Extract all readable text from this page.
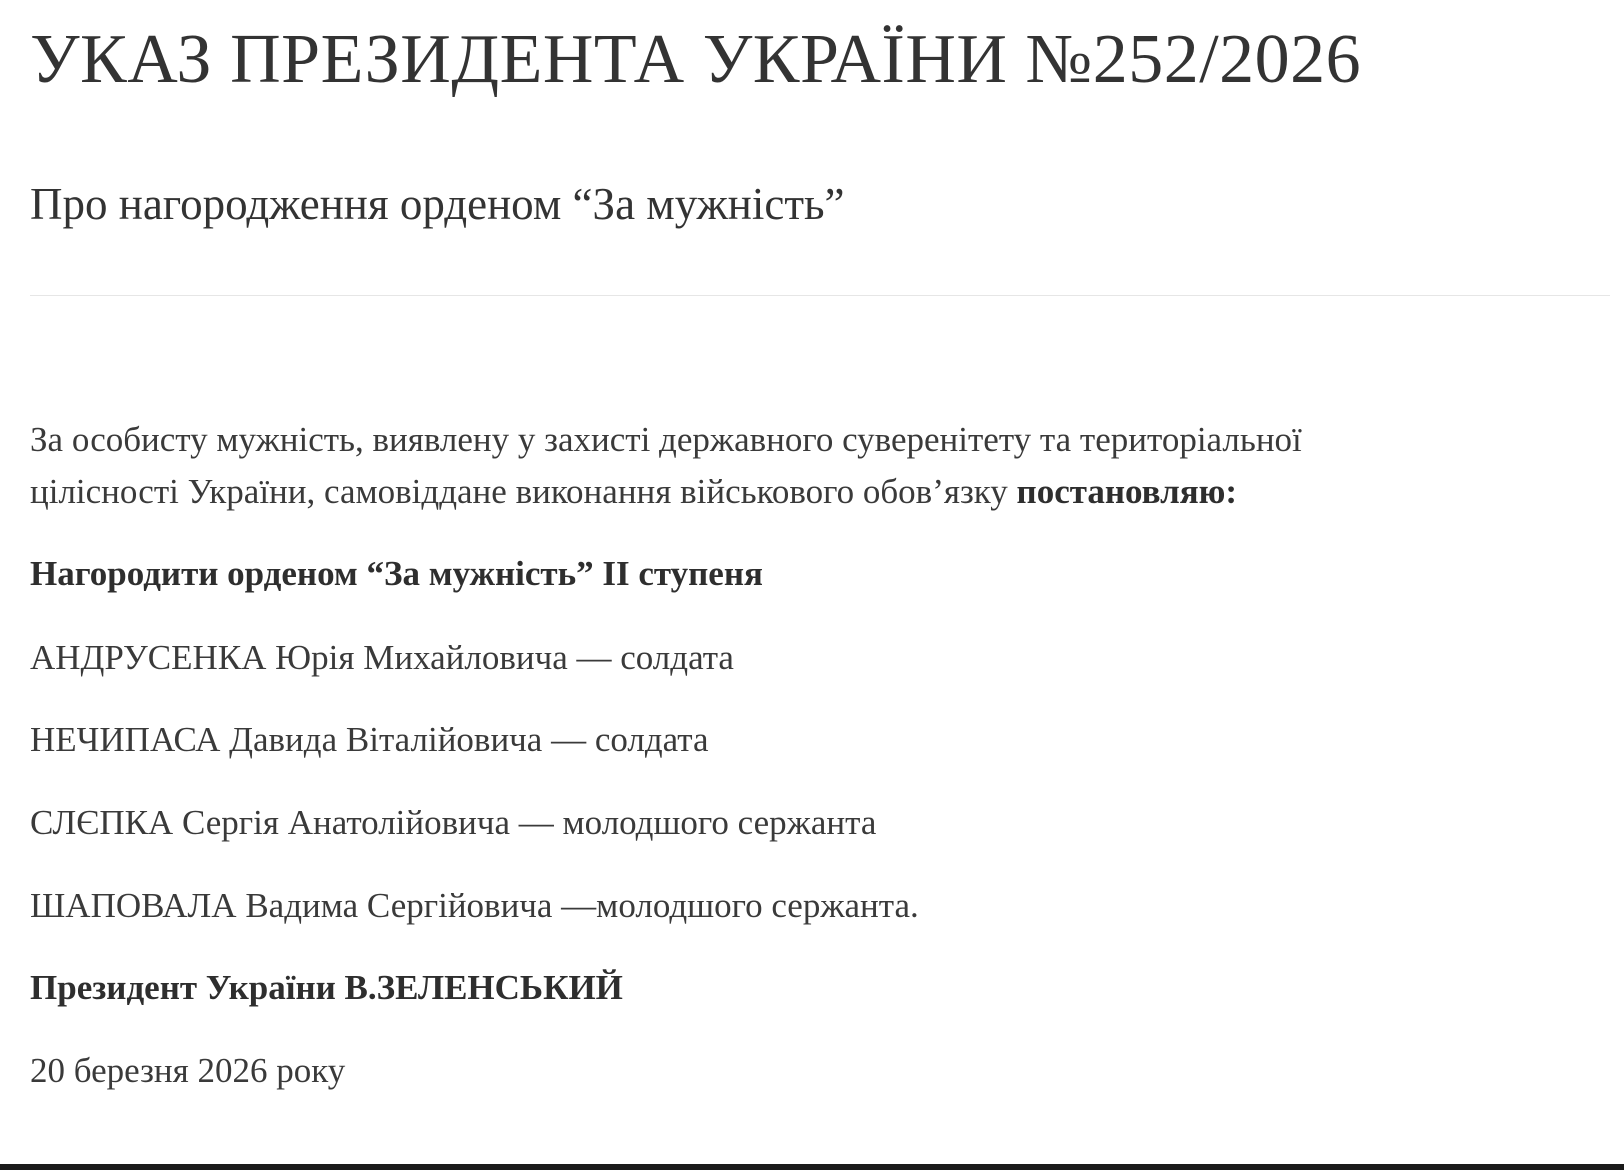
УКАЗ ПРЕЗИДЕНТА УКРАЇНИ №252/2026
Про нагородження орденом “За мужність”
За особисту мужність, виявлену у захисті державного суверенітету та територіальної
цілісності України, самовіддане виконання військового обов’язку постановляю:

Нагородити орденом “За мужність” II ступеня

АНДРУСЕНКА Юрія Михайловича — солдата

НЕЧИПАСА Давида Віталійовича — солдата

СЛЄПКА Сергія Анатолійовича — молодшого сержанта

ШАПОВАЛА Вадима Сергійовича —молодшого сержанта.

Президент України В.ЗЕЛЕНСЬКИЙ

20 березня 2026 року
